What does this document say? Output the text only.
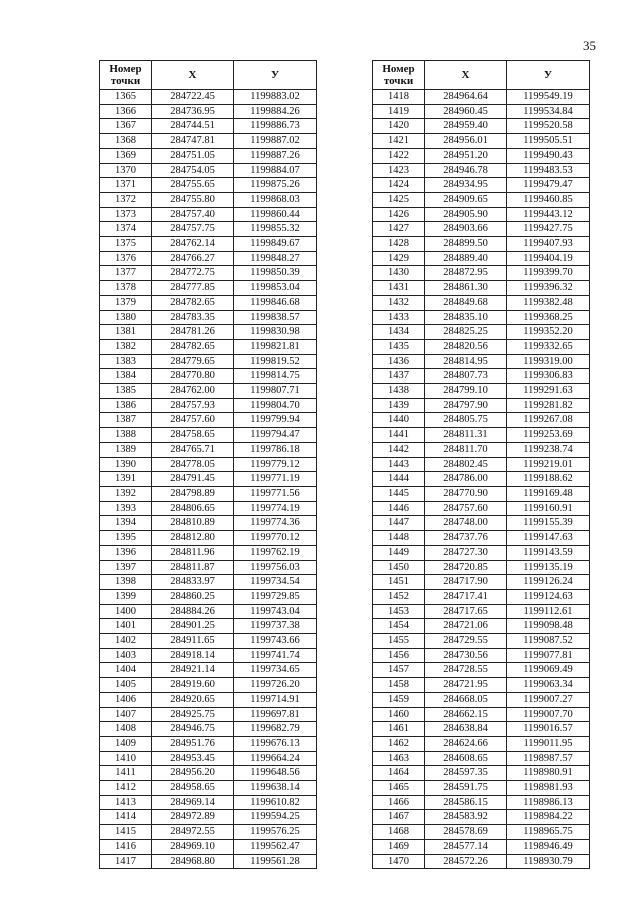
35
Номер
точки	X	У
1365	284722.45	1199883.02
1366	284736.95	1199884.26
1367	284744.51	1199886.73
1368	284747.81	1199887.02
1369	284751.05	1199887.26
1370	284754.05	1199884.07
1371	284755.65	1199875.26
1372	284755.80	1199868.03
1373	284757.40	1199860.44
1374	284757.75	1199855.32
1375	284762.14	1199849.67
1376	284766.27	1199848.27
1377	284772.75	1199850.39
1378	284777.85	1199853.04
1379	284782.65	1199846.68
1380	284783.35	1199838.57
1381	284781.26	1199830.98
1382	284782.65	1199821.81
1383	284779.65	1199819.52
1384	284770.80	1199814.75
1385	284762.00	1199807.71
1386	284757.93	1199804.70
1387	284757.60	1199799.94
1388	284758.65	1199794.47
1389	284765.71	1199786.18
1390	284778.05	1199779.12
1391	284791.45	1199771.19
1392	284798.89	1199771.56
1393	284806.65	1199774.19
1394	284810.89	1199774.36
1395	284812.80	1199770.12
1396	284811.96	1199762.19
1397	284811.87	1199756.03
1398	284833.97	1199734.54
1399	284860.25	1199729.85
1400	284884.26	1199743.04
1401	284901.25	1199737.38
1402	284911.65	1199743.66
1403	284918.14	1199741.74
1404	284921.14	1199734.65
1405	284919.60	1199726.20
1406	284920.65	1199714.91
1407	284925.75	1199697.81
1408	284946.75	1199682.79
1409	284951.76	1199676.13
1410	284953.45	1199664.24
1411	284956.20	1199648.56
1412	284958.65	1199638.14
1413	284969.14	1199610.82
1414	284972.89	1199594.25
1415	284972.55	1199576.25
1416	284969.10	1199562.47
1417	284968.80	1199561.28
Номер
точки	X	У
1418	284964.64	1199549.19
1419	284960.45	1199534.84
1420	284959.40	1199520.58
1421	284956.01	1199505.51
1422	284951.20	1199490.43
1423	284946.78	1199483.53
1424	284934.95	1199479.47
1425	284909.65	1199460.85
1426	284905.90	1199443.12
1427	284903.66	1199427.75
1428	284899.50	1199407.93
1429	284889.40	1199404.19
1430	284872.95	1199399.70
1431	284861.30	1199396.32
1432	284849.68	1199382.48
1433	284835.10	1199368.25
1434	284825.25	1199352.20
1435	284820.56	1199332.65
1436	284814.95	1199319.00
1437	284807.73	1199306.83
1438	284799.10	1199291.63
1439	284797.90	1199281.82
1440	284805.75	1199267.08
1441	284811.31	1199253.69
1442	284811.70	1199238.74
1443	284802.45	1199219.01
1444	284786.00	1199188.62
1445	284770.90	1199169.48
1446	284757.60	1199160.91
1447	284748.00	1199155.39
1448	284737.76	1199147.63
1449	284727.30	1199143.59
1450	284720.85	1199135.19
1451	284717.90	1199126.24
1452	284717.41	1199124.63
1453	284717.65	1199112.61
1454	284721.06	1199098.48
1455	284729.55	1199087.52
1456	284730.56	1199077.81
1457	284728.55	1199069.49
1458	284721.95	1199063.34
1459	284668.05	1199007.27
1460	284662.15	1199007.70
1461	284638.84	1199016.57
1462	284624.66	1199011.95
1463	284608.65	1198987.57
1464	284597.35	1198980.91
1465	284591.75	1198981.93
1466	284586.15	1198986.13
1467	284583.92	1198984.22
1468	284578.69	1198965.75
1469	284577.14	1198946.49
1470	284572.26	1198930.79
